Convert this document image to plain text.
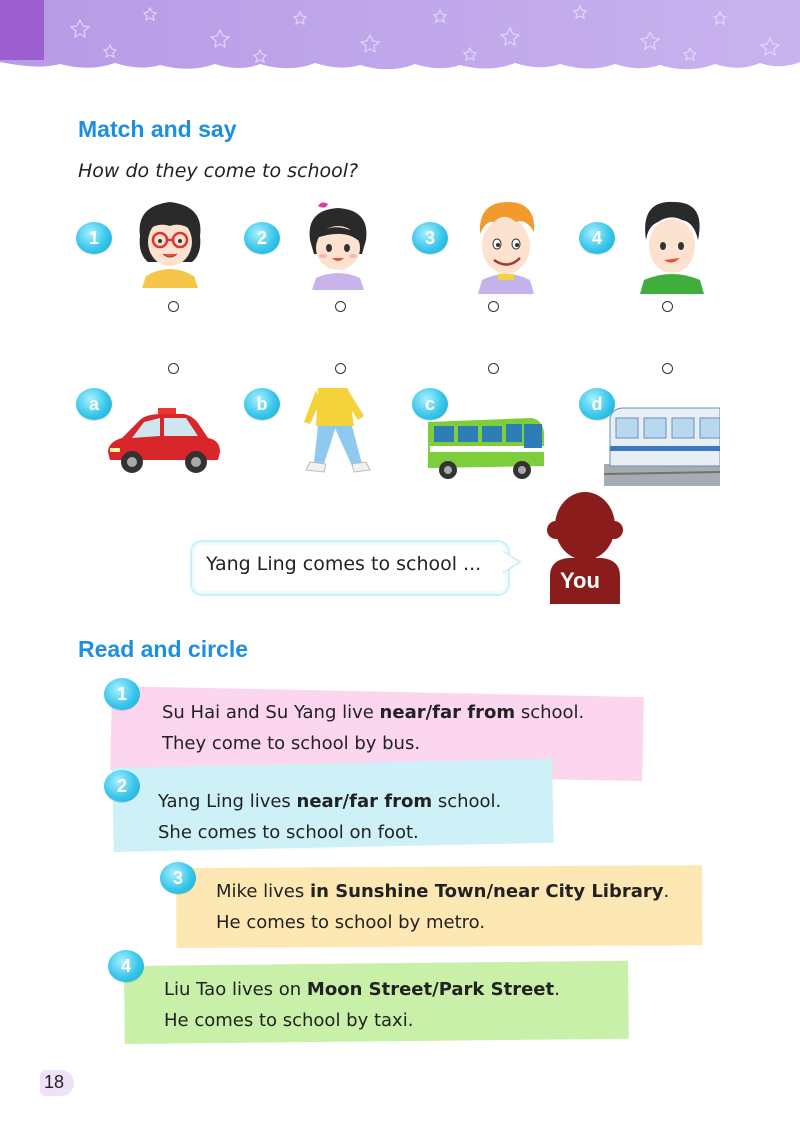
Match and say
How do they come to school?
1	2	3	4
a	b	c	d
Yang Ling comes to school ...
You
Read and circle
1
Su Hai and Su Yang live near/far from school.
They come to school by bus.
2
Yang Ling lives near/far from school.
She comes to school on foot.
3
Mike lives in Sunshine Town/near City Library.
He comes to school by metro.
4
Liu Tao lives on Moon Street/Park Street.
He comes to school by taxi.
18
